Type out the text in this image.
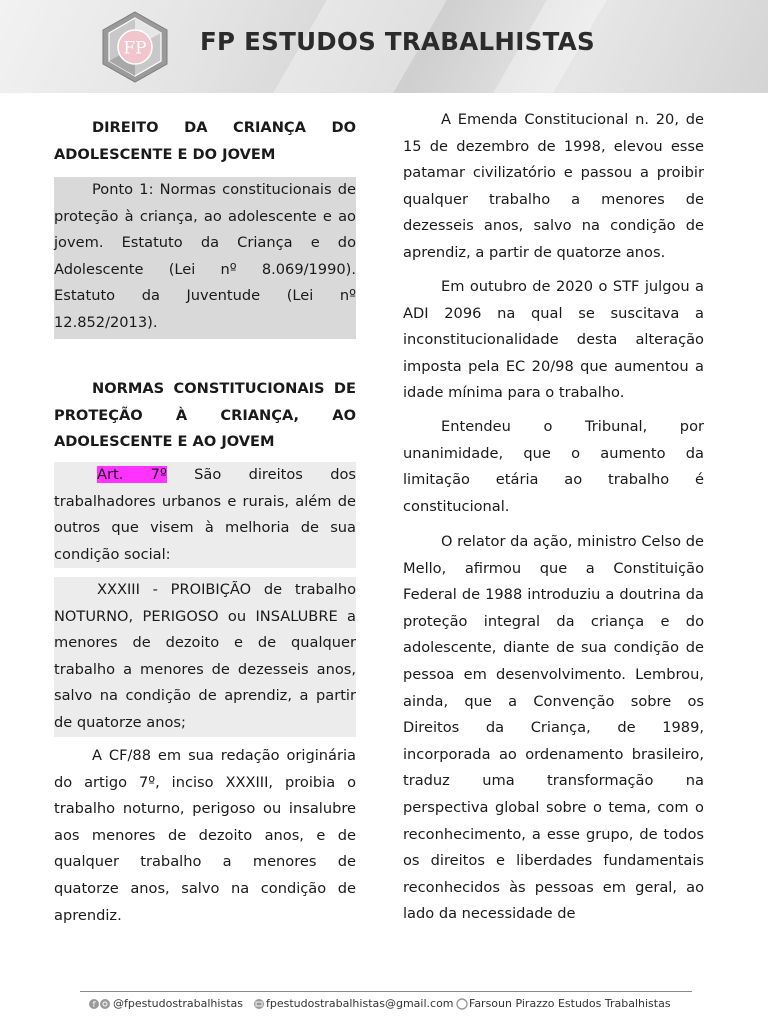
FP FP ESTUDOS TRABALHISTAS
DIREITO DA CRIANÇA DO ADOLESCENTE E DO JOVEM
Ponto 1: Normas constitucionais de proteção à criança, ao adolescente e ao jovem. Estatuto da Criança e do Adolescente (Lei nº 8.069/1990). Estatuto da Juventude (Lei nº 12.852/2013).
NORMAS CONSTITUCIONAIS DE PROTEÇÃO À CRIANÇA, AO ADOLESCENTE E AO JOVEM
Art. 7º São direitos dos trabalhadores urbanos e rurais, além de outros que visem à melhoria de sua condição social:
XXXIII - PROIBIÇÃO de trabalho NOTURNO, PERIGOSO ou INSALUBRE a menores de dezoito e de qualquer trabalho a menores de dezesseis anos, salvo na condição de aprendiz, a partir de quatorze anos;
A CF/88 em sua redação originária do artigo 7º, inciso XXXIII, proibia o trabalho noturno, perigoso ou insalubre aos menores de dezoito anos, e de qualquer trabalho a menores de quatorze anos, salvo na condição de aprendiz.
A Emenda Constitucional n. 20, de 15 de dezembro de 1998, elevou esse patamar civilizatório e passou a proibir qualquer trabalho a menores de dezesseis anos, salvo na condição de aprendiz, a partir de quatorze anos.
Em outubro de 2020 o STF julgou a ADI 2096 na qual se suscitava a inconstitucionalidade desta alteração imposta pela EC 20/98 que aumentou a idade mínima para o trabalho.
Entendeu o Tribunal, por unanimidade, que o aumento da limitação etária ao trabalho é constitucional.
O relator da ação, ministro Celso de Mello, afirmou que a Constituição Federal de 1988 introduziu a doutrina da proteção integral da criança e do adolescente, diante de sua condição de pessoa em desenvolvimento. Lembrou, ainda, que a Convenção sobre os Direitos da Criança, de 1989, incorporada ao ordenamento brasileiro, traduz uma transformação na perspectiva global sobre o tema, com o reconhecimento, a esse grupo, de todos os direitos e liberdades fundamentais reconhecidos às pessoas em geral, ao lado da necessidade de
f @fpestudostrabalhistas fpestudostrabalhistas@gmail.com Farsoun Pirazzo Estudos Trabalhistas
